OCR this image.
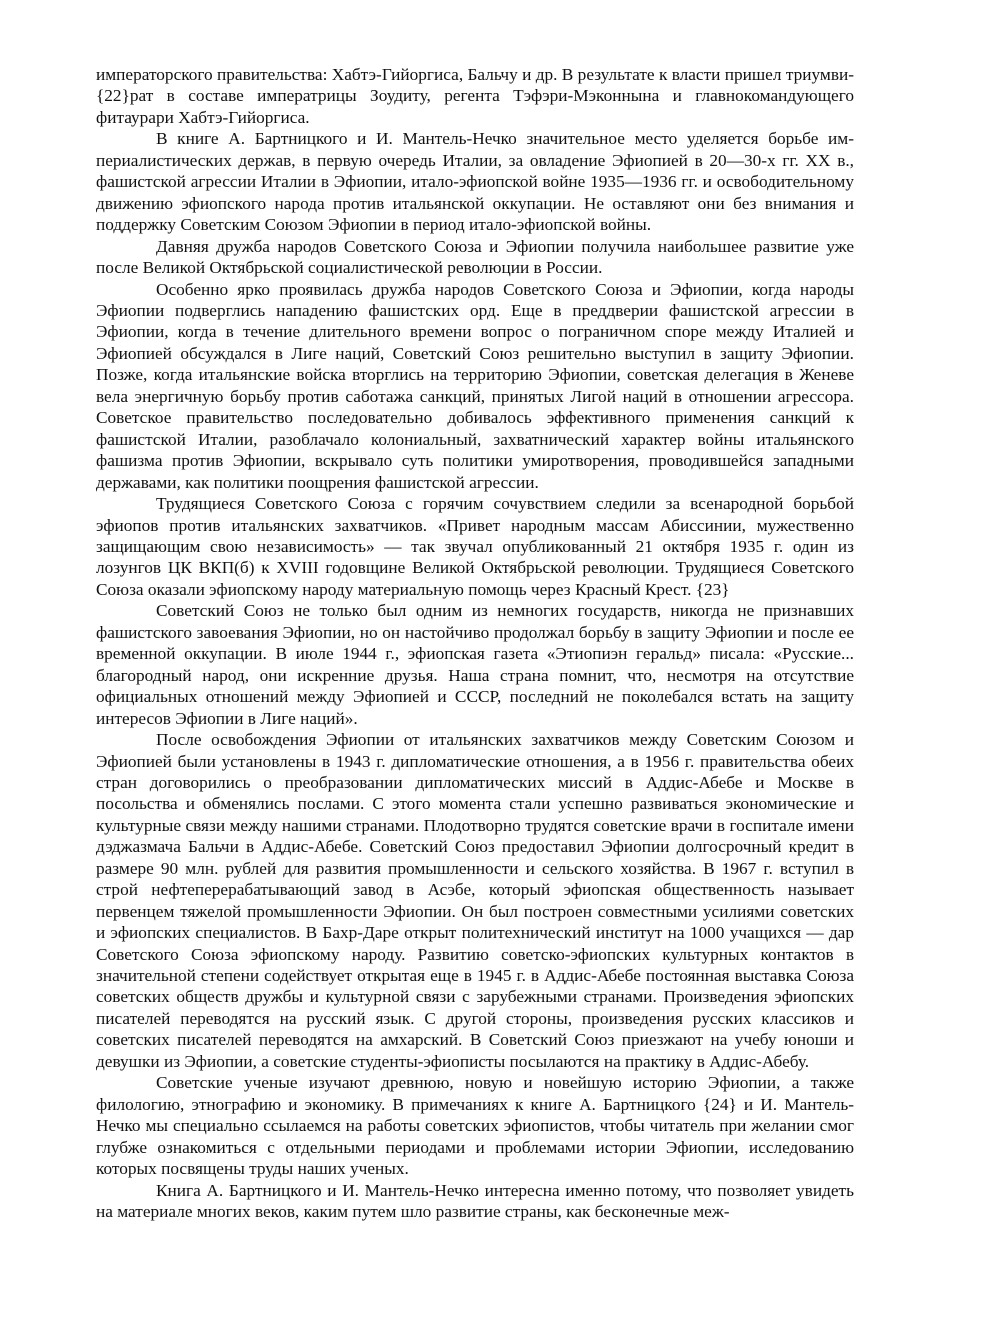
императорского правительства: Хабтэ-Гийоргиса, Бальчу и др. В результате к власти пришел триумви-{22}рат в составе императрицы Зоудиту, регента Тэфэри-Мэконнына и главнокомандующего фитаурари Хабтэ-Гийоргиса.

В книге А. Бартницкого и И. Мантель-Нечко значительное место уделяется борьбе империалистических держав, в первую очередь Италии, за овладение Эфиопией в 20—30-х гг. XX в., фашистской агрессии Италии в Эфиопии, итало-эфиопской войне 1935—1936 гг. и освободительному движению эфиопского народа против итальянской оккупации. Не оставляют они без внимания и поддержку Советским Союзом Эфиопии в период итало-эфиопской войны.

Давняя дружба народов Советского Союза и Эфиопии получила наибольшее развитие уже после Великой Октябрьской социалистической революции в России.

Особенно ярко проявилась дружба народов Советского Союза и Эфиопии, когда народы Эфиопии подверглись нападению фашистских орд. Еще в преддверии фашистской агрессии в Эфиопии, когда в течение длительного времени вопрос о пограничном споре между Италией и Эфиопией обсуждался в Лиге наций, Советский Союз решительно выступил в защиту Эфиопии. Позже, когда итальянские войска вторглись на территорию Эфиопии, советская делегация в Женеве вела энергичную борьбу против саботажа санкций, принятых Лигой наций в отношении агрессора. Советское правительство последовательно добивалось эффективного применения санкций к фашистской Италии, разоблачало колониальный, захватнический характер войны итальянского фашизма против Эфиопии, вскрывало суть политики умиротворения, проводившейся западными державами, как политики поощрения фашистской агрессии.

Трудящиеся Советского Союза с горячим сочувствием следили за всенародной борьбой эфиопов против итальянских захватчиков. «Привет народным массам Абиссинии, мужественно защищающим свою независимость» — так звучал опубликованный 21 октября 1935 г. один из лозунгов ЦК ВКП(б) к XVIII годовщине Великой Октябрьской революции. Трудящиеся Советского Союза оказали эфиопскому народу материальную помощь через Красный Крест. {23}

Советский Союз не только был одним из немногих государств, никогда не признавших фашистского завоевания Эфиопии, но он настойчиво продолжал борьбу в защиту Эфиопии и после ее временной оккупации. В июле 1944 г., эфиопская газета «Этиопиэн геральд» писала: «Русские... благородный народ, они искренние друзья. Наша страна помнит, что, несмотря на отсутствие официальных отношений между Эфиопией и СССР, последний не поколебался встать на защиту интересов Эфиопии в Лиге наций».

После освобождения Эфиопии от итальянских захватчиков между Советским Союзом и Эфиопией были установлены в 1943 г. дипломатические отношения, а в 1956 г. правительства обеих стран договорились о преобразовании дипломатических миссий в Аддис-Абебе и Москве в посольства и обменялись послами. С этого момента стали успешно развиваться экономические и культурные связи между нашими странами. Плодотворно трудятся советские врачи в госпитале имени дэджазмача Бальчи в Аддис-Абебе. Советский Союз предоставил Эфиопии долгосрочный кредит в размере 90 млн. рублей для развития промышленности и сельского хозяйства. В 1967 г. вступил в строй нефтеперерабатывающий завод в Асэбе, который эфиопская общественность называет первенцем тяжелой промышленности Эфиопии. Он был построен совместными усилиями советских и эфиопских специалистов. В Бахр-Даре открыт политехнический институт на 1000 учащихся — дар Советского Союза эфиопскому народу. Развитию советско-эфиопских культурных контактов в значительной степени содействует открытая еще в 1945 г. в Аддис-Абебе постоянная выставка Союза советских обществ дружбы и культурной связи с зарубежными странами. Произведения эфиопских писателей переводятся на русский язык. С другой стороны, произведения русских классиков и советских писателей переводятся на амхарский. В Советский Союз приезжают на учебу юноши и девушки из Эфиопии, а советские студенты-эфиописты посылаются на практику в Аддис-Абебу.

Советские ученые изучают древнюю, новую и новейшую историю Эфиопии, а также филологию, этнографию и экономику. В примечаниях к книге А. Бартницкого {24} и И. Мантель-Нечко мы специально ссылаемся на работы советских эфиопистов, чтобы читатель при желании смог глубже ознакомиться с отдельными периодами и проблемами истории Эфиопии, исследованию которых посвящены труды наших ученых.

Книга А. Бартницкого и И. Мантель-Нечко интересна именно потому, что позволяет увидеть на материале многих веков, каким путем шло развитие страны, как бесконечные меж-
